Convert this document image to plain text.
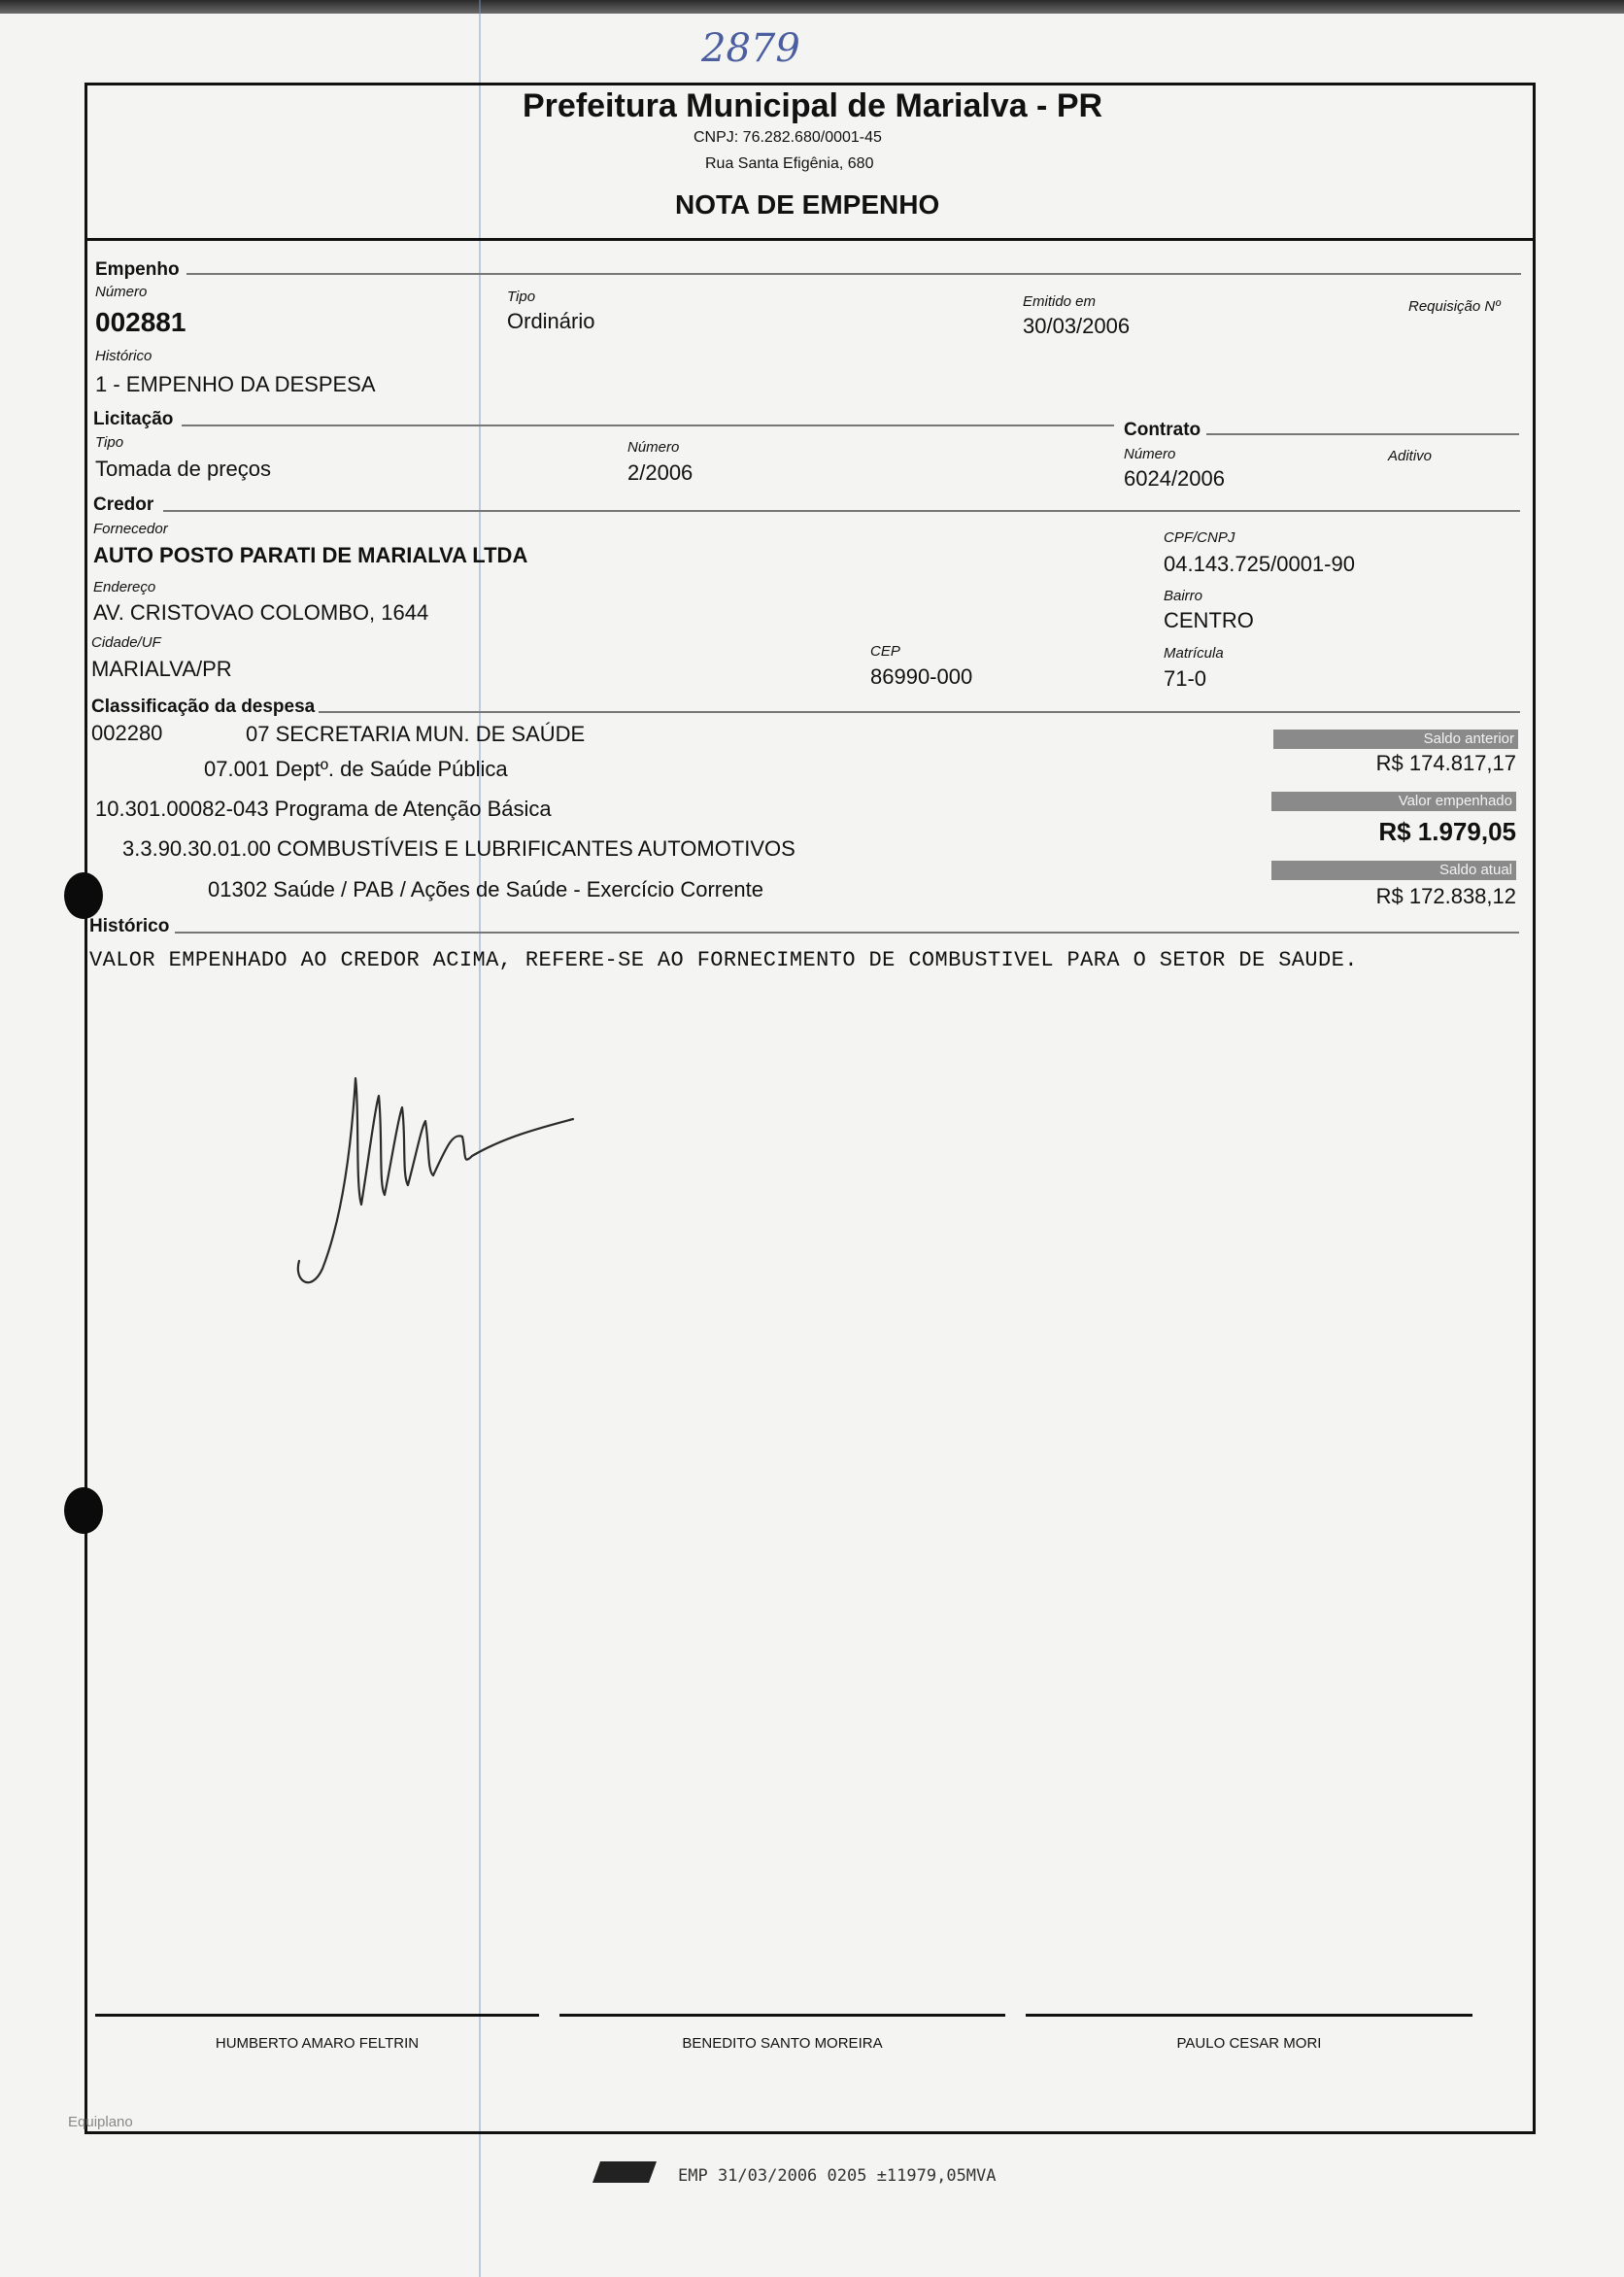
2879
Prefeitura Municipal de Marialva - PR
CNPJ: 76.282.680/0001-45
Rua Santa Efigênia, 680
NOTA DE EMPENHO
Empenho
Número
002881
Tipo
Ordinário
Emitido em
30/03/2006
Requisição Nº
Histórico
1 - EMPENHO DA DESPESA
Licitação
Tipo
Tomada de preços
Número
2/2006
Contrato
Número
6024/2006
Aditivo
Credor
Fornecedor
AUTO POSTO PARATI DE MARIALVA LTDA
CPF/CNPJ
04.143.725/0001-90
Endereço
AV. CRISTOVAO COLOMBO, 1644
Bairro
CENTRO
Cidade/UF
MARIALVA/PR
CEP
86990-000
Matrícula
71-0
Classificação da despesa
002280	07 SECRETARIA MUN. DE SAÚDE
07.001 Deptº. de Saúde Pública
10.301.00082-043 Programa de Atenção Básica
3.3.90.30.01.00 COMBUSTÍVEIS E LUBRIFICANTES AUTOMOTIVOS
01302 Saúde / PAB / Ações de Saúde - Exercício Corrente
Saldo anterior
R$ 174.817,17
Valor empenhado
R$ 1.979,05
Saldo atual
R$ 172.838,12
Histórico
VALOR EMPENHADO AO CREDOR ACIMA, REFERE-SE AO FORNECIMENTO DE COMBUSTIVEL PARA O SETOR DE SAUDE.
HUMBERTO AMARO FELTRIN	BENEDITO SANTO MOREIRA	PAULO CESAR MORI
Equiplano
EMP 31/03/2006 0205 ±11979,05MVA
